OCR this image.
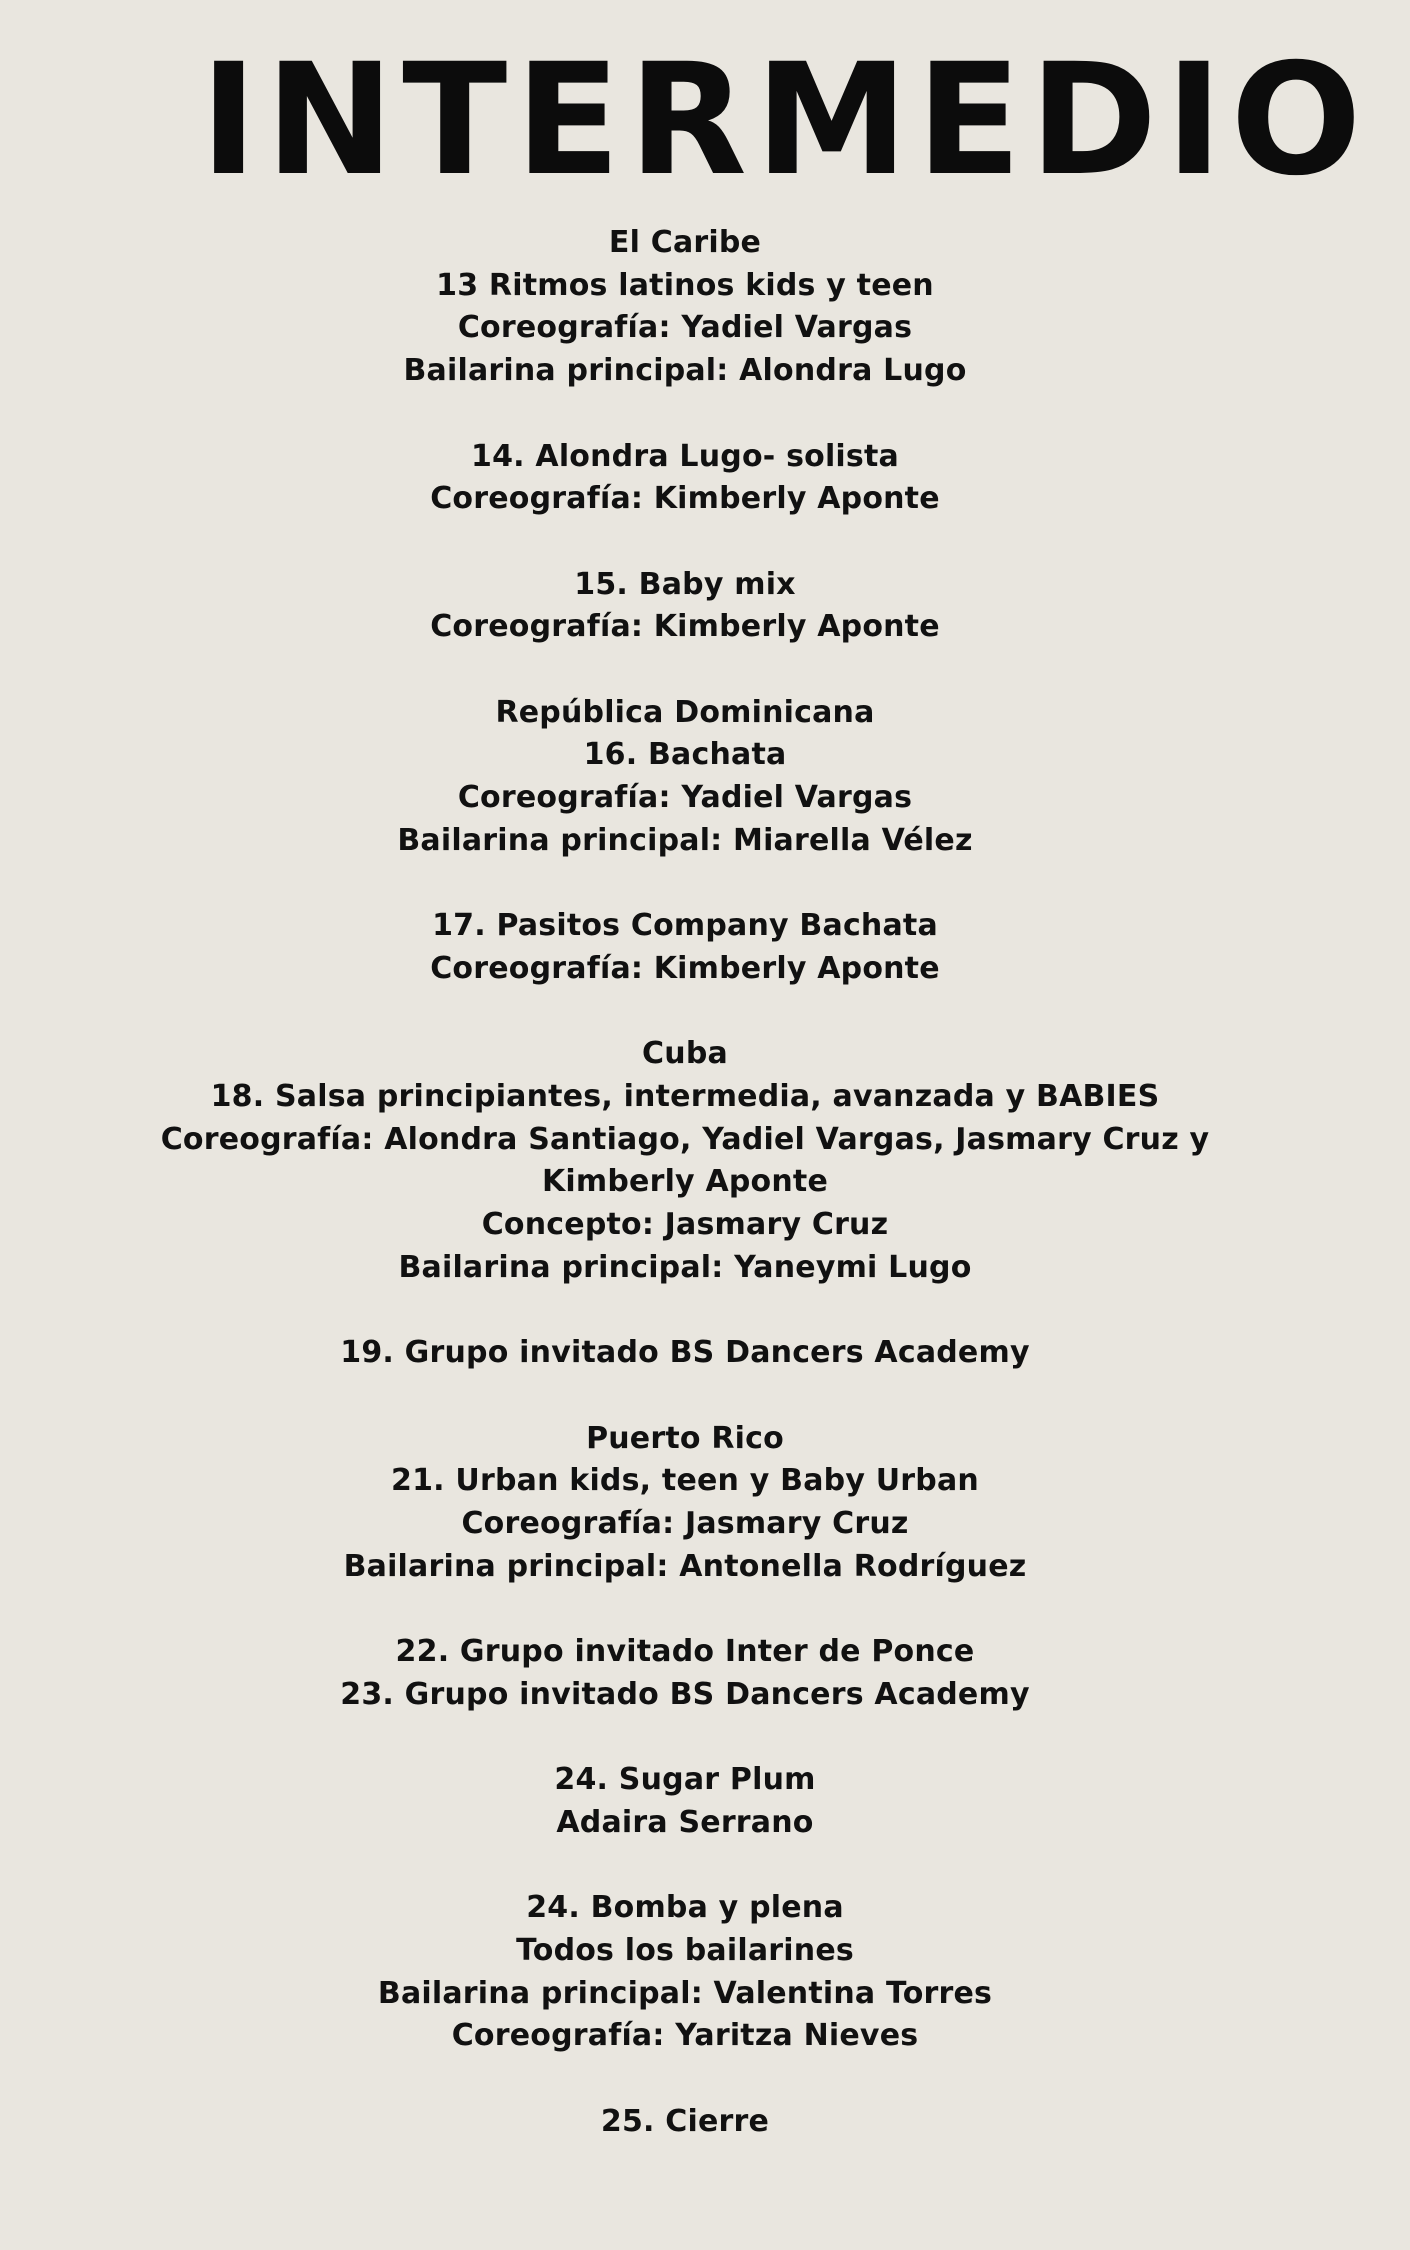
INTERMEDIO
El Caribe
13 Ritmos latinos kids y teen
Coreografía: Yadiel Vargas
Bailarina principal: Alondra Lugo
14. Alondra Lugo- solista
Coreografía: Kimberly Aponte
15. Baby mix
Coreografía: Kimberly Aponte
República Dominicana
16. Bachata
Coreografía: Yadiel Vargas
Bailarina principal: Miarella Vélez
17. Pasitos Company Bachata
Coreografía: Kimberly Aponte
Cuba
18. Salsa principiantes, intermedia, avanzada y BABIES
Coreografía: Alondra Santiago, Yadiel Vargas, Jasmary Cruz y Kimberly Aponte
Concepto: Jasmary Cruz
Bailarina principal: Yaneymi Lugo
19. Grupo invitado BS Dancers Academy
Puerto Rico
21. Urban kids, teen y Baby Urban
Coreografía: Jasmary Cruz
Bailarina principal: Antonella Rodríguez
22. Grupo invitado Inter de Ponce
23. Grupo invitado BS Dancers Academy
24. Sugar Plum
Adaira Serrano
24. Bomba y plena
Todos los bailarines
Bailarina principal: Valentina Torres
Coreografía: Yaritza Nieves
25. Cierre
